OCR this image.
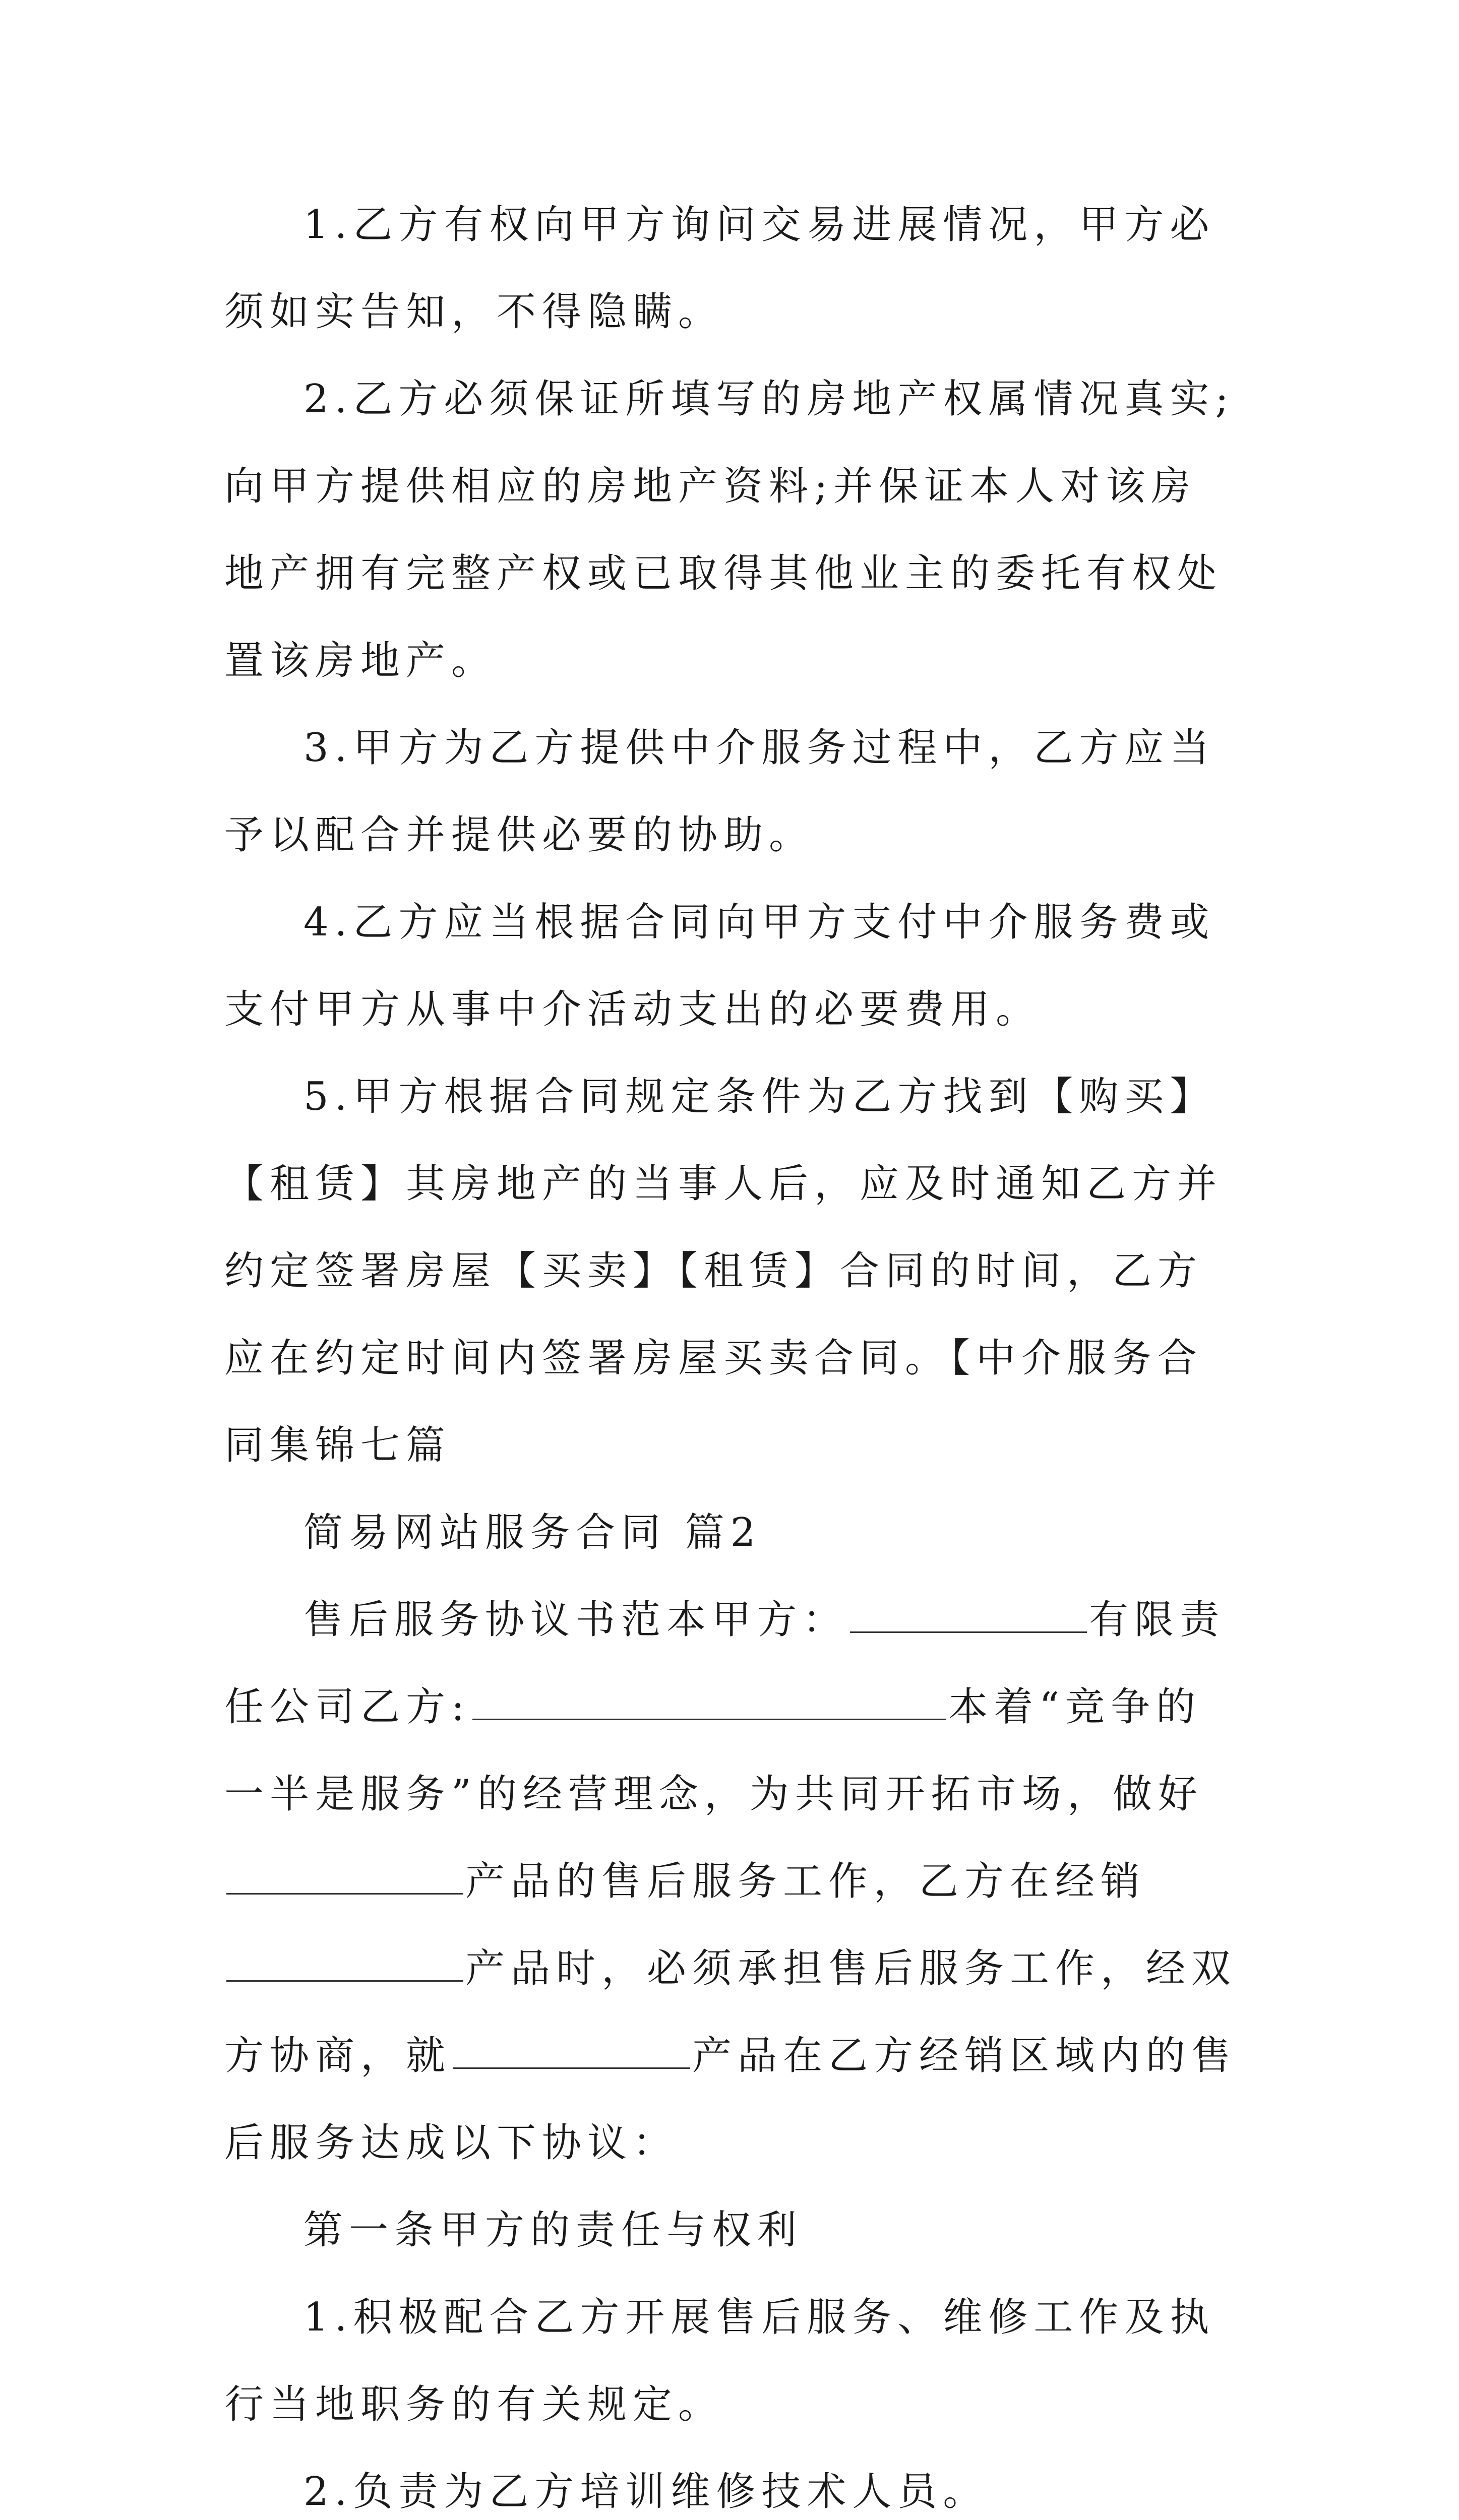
1.乙方有权向甲方询问交易进展情况，甲方必须如实告知，不得隐瞒。

2.乙方必须保证所填写的房地产权属情况真实;向甲方提供相应的房地产资料;并保证本人对该房地产拥有完整产权或已取得其他业主的委托有权处置该房地产。

3.甲方为乙方提供中介服务过程中，乙方应当予以配合并提供必要的协助。

4.乙方应当根据合同向甲方支付中介服务费或支付甲方从事中介活动支出的必要费用。

5.甲方根据合同规定条件为乙方找到【购买】【租赁】其房地产的当事人后，应及时通知乙方并约定签署房屋【买卖】【租赁】合同的时间，乙方应在约定时间内签署房屋买卖合同。【中介服务合同集锦七篇

简易网站服务合同 篇2

售后服务协议书范本甲方：	有限责任公司乙方:	本着“竞争的一半是服务”的经营理念，为共同开拓市场，做好产品的售后服务工作，乙方在经销产品时，必须承担售后服务工作，经双方协商，就	产品在乙方经销区域内的售后服务达成以下协议：

第一条甲方的责任与权利

1.积极配合乙方开展售后服务、维修工作及执行当地职务的有关规定。

2.负责为乙方培训维修技术人员。
